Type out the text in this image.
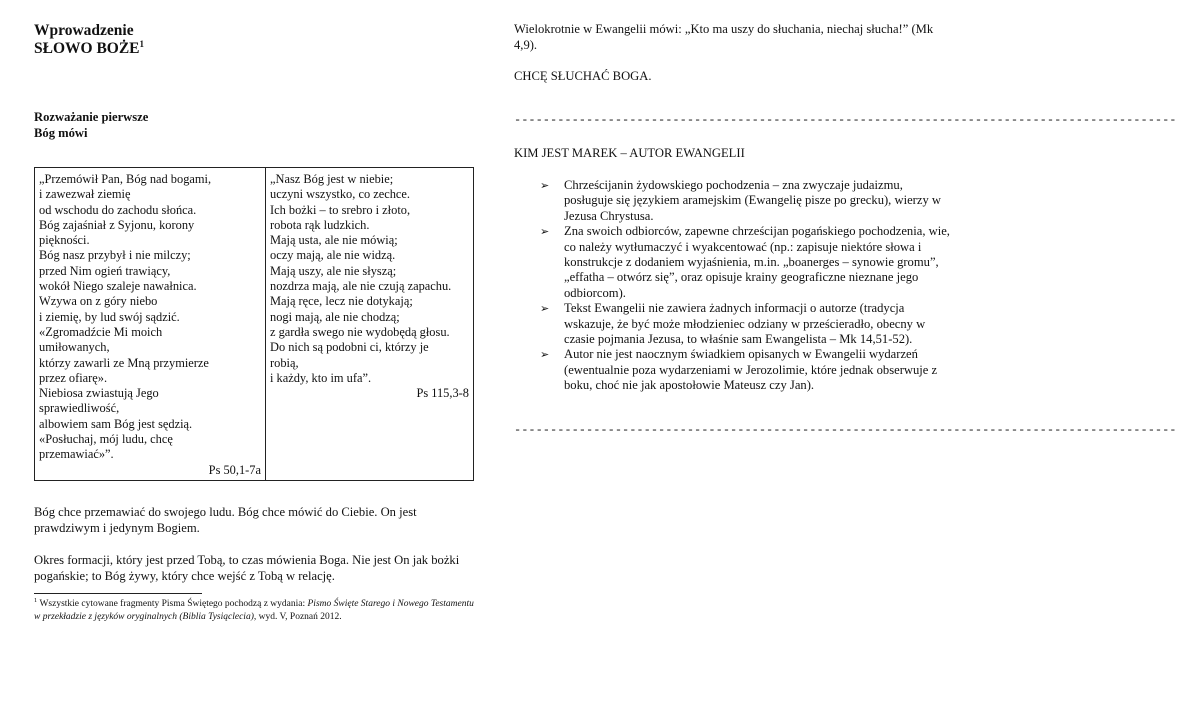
Wprowadzenie
SŁOWO BOŻE$^1$
Rozważanie pierwsze
Bóg mówi
„Przemówił Pan, Bóg nad bogami,
i zawezwał ziemię
od wschodu do zachodu słońca.
Bóg zajaśniał z Syjonu, korony
piękności.
Bóg nasz przybył i nie milczy;
przed Nim ogień trawiący,
wokół Niego szaleje nawałnica.
Wzywa on z góry niebo
i ziemię, by lud swój sądzić.
«Zgromadźcie Mi moich
umiłowanych,
którzy zawarli ze Mną przymierze
przez ofiarę».
Niebiosa zwiastują Jego
sprawiedliwość,
albowiem sam Bóg jest sędzią.
«Posłuchaj, mój ludu, chcę
przemawiać»”.
Ps 50,1-7a

„Nasz Bóg jest w niebie;
uczyni wszystko, co zechce.
Ich bożki – to srebro i złoto,
robota rąk ludzkich.
Mają usta, ale nie mówią;
oczy mają, ale nie widzą.
Mają uszy, ale nie słyszą;
nozdrza mają, ale nie czują zapachu.
Mają ręce, lecz nie dotykają;
nogi mają, ale nie chodzą;
z gardła swego nie wydobędą głosu.
Do nich są podobni ci, którzy je
robią,
i każdy, kto im ufa”.
Ps 115,3-8

Bóg chce przemawiać do swojego ludu. Bóg chce mówić do Ciebie. On jest prawdziwym i jedynym Bogiem.

Okres formacji, który jest przed Tobą, to czas mówienia Boga. Nie jest On jak bożki pogańskie; to Bóg żywy, który chce wejść z Tobą w relację.

$^1$ Wszystkie cytowane fragmenty Pisma Świętego pochodzą z wydania: Pismo Święte Starego i Nowego Testamentu w przekładzie z języków oryginalnych (Biblia Tysiąclecia), wyd. V, Poznań 2012.

Wielokrotnie w Ewangelii mówi: „Kto ma uszy do słuchania, niechaj słucha!” (Mk 4,9).

CHCĘ SŁUCHAĆ BOGA.

--------------------------------------------------------------------------------------------
KIM JEST MAREK – AUTOR EWANGELII
➢ Chrześcijanin żydowskiego pochodzenia – zna zwyczaje judaizmu, posługuje się językiem aramejskim (Ewangelię pisze po grecku), wierzy w Jezusa Chrystusa.
➢ Zna swoich odbiorców, zapewne chrześcijan pogańskiego pochodzenia, wie, co należy wytłumaczyć i wyakcentować (np.: zapisuje niektóre słowa i konstrukcje z dodaniem wyjaśnienia, m.in. „boanerges – synowie gromu”, „effatha – otwórz się”, oraz opisuje krainy geograficzne nieznane jego odbiorcom).
➢ Tekst Ewangelii nie zawiera żadnych informacji o autorze (tradycja wskazuje, że być może młodzieniec odziany w prześcieradło, obecny w czasie pojmania Jezusa, to właśnie sam Ewangelista – Mk 14,51-52).
➢ Autor nie jest naocznym świadkiem opisanych w Ewangelii wydarzeń (ewentualnie poza wydarzeniami w Jerozolimie, które jednak obserwuje z boku, choć nie jak apostołowie Mateusz czy Jan).
--------------------------------------------------------------------------------------------
